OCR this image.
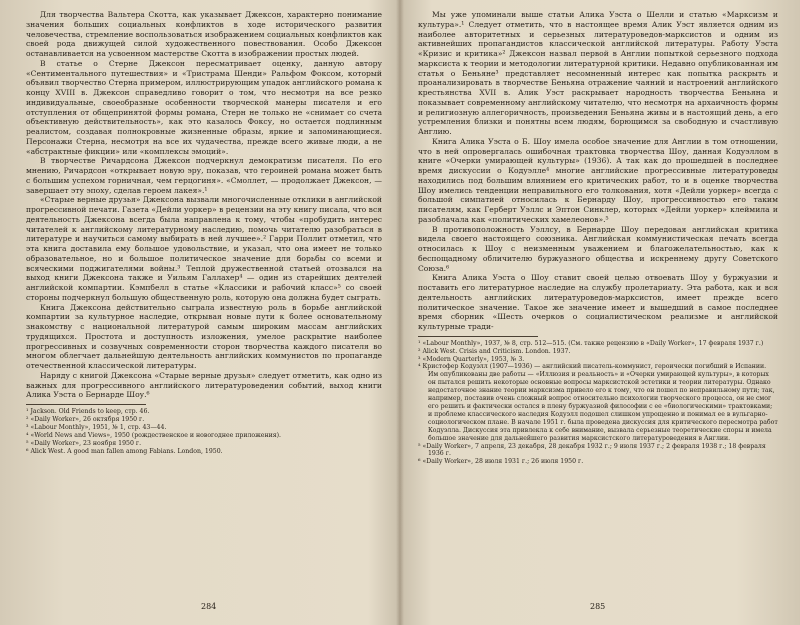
Для творчества Вальтера Скотта, как указывает Джексон, характерно понимание значения больших социальных конфликтов в ходе исторического развития человечества, стремление воспользоваться изображением социальных конфликтов как своей рода движущей силой художественного повествования. Особо Джексон останавливается на усвоенном мастерстве Скотта в изображении простых людей.

В статье о Стерне Джексон пересматривает оценку, данную автору «Сентиментального путешествия» и «Тристрама Шенди» Ральфом Фоксом, который объявил творчество Стерна примером, иллюстрирующим упадок английского романа к концу XVIII в. Джексон справедливо говорит о том, что несмотря на все резко индивидуальные, своеобразные особенности творческой манеры писателя и его отступления от общепринятой формы романа, Стерн не только не «снимает со счета объективную действительность», как это казалось Фоксу, но остается подлинным реалистом, создавая полнокровные жизненные образы, яркие и запоминающиеся. Персонажи Стерна, несмотря на все их чудачества, прежде всего живые люди, а не «абстрактные фикции» или «комплексы эмоций».

В творчестве Ричардсона Джексон подчеркнул демократизм писателя. По его мнению, Ричардсон «открывает новую эру, показав, что героиней романа может быть с большим успехом горничная, чем герцогиня». «Смоллет, — продолжает Джексон, — завершает эту эпоху, сделав героем лакея».¹

«Старые верные друзья» Джексона вызвали многочисленные отклики в английской прогрессивной печати. Газета «Дейли уоркер» в рецензии на эту книгу писала, что вся деятельность Джексона всегда была направлена к тому, чтобы «пробудить интерес читателей к английскому литературному наследию, помочь читателю разобраться в литературе и научиться самому выбирать в ней лучшее».² Гарри Поллит отметил, что эта книга доставила ему большое удовольствие, и указал, что она имеет не только образовательное, но и большое политическое значение для борьбы со всеми и всяческими поджигателями войны.³ Теплой дружественной статьей отозвался на выход книги Джексона также и Уильям Галлахер⁴ — один из старейших деятелей английской компартии. Кэмпбелл в статье «Классики и рабочий класс»⁵ со своей стороны подчеркнул большую общественную роль, которую она должна будет сыграть.

Книга Джексона действительно сыграла известную роль в борьбе английской компартии за культурное наследие, открывая новые пути к более основательному знакомству с национальной литературой самым широким массам английских трудящихся. Простота и доступность изложения, умелое раскрытие наиболее прогрессивных и созвучных современности сторон творчества каждого писателя во многом облегчает дальнейшую деятельность английских коммунистов по пропаганде отечественной классической литературы.

Наряду с книгой Джексона «Старые верные друзья» следует отметить, как одно из важных для прогрессивного английского литературоведения событий, выход книги Алика Уэста о Бернарде Шоу.⁶

¹ Jackson. Old Friends to keep, стр. 46.

² «Daily Worker», 26 октября 1950 г.

³ «Labour Monthly», 1951, № 1, стр. 43—44.

⁴ «World News and Views», 1950 (рождественское и новогоднее приложения).

⁵ «Daily Worker», 23 ноября 1950 г.

⁶ Alick West. A good man fallen among Fabians. London, 1950.

284

Мы уже упоминали выше статьи Алика Уэста о Шелли и статью «Марксизм и культура».¹ Следует отметить, что в настоящее время Алик Уэст является одним из наиболее авторитетных и серьезных литературоведов-марксистов и одним из активнейших пропагандистов классической английской литературы. Работу Уэста «Кризис и критика»² Джексон назвал первой в Англии попыткой серьезного подхода марксиста к теории и методологии литературной критики. Недавно опубликованная им статья о Беньяне³ представляет несомненный интерес как попытка раскрыть и проанализировать в творчестве Беньяна отражение чаяний и настроений английского крестьянства XVII в. Алик Уэст раскрывает народность творчества Беньяна и показывает современному английскому читателю, что несмотря на архаичность формы и религиозную аллегоричность, произведения Беньяна живы и в настоящий день, а его устремления близки и понятны всем людям, борющимся за свободную и счастливую Англию.

Книга Алика Уэста о Б. Шоу имела особое значение для Англии в том отношении, что в ней опровергалась ошибочная трактовка творчества Шоу, данная Кодуэллом в книге «Очерки умирающей культуры» (1936). А так как до прошедшей в последнее время дискуссии о Кодуэлле⁴ многие английские прогрессивные литературоведы находились под большим влиянием его критических работ, то и в оценке творчества Шоу имелись тенденции неправильного его толкования, хотя «Дейли уоркер» всегда с большой симпатией относилась к Бернарду Шоу, прогрессивностью его таким писателям, как Герберт Уэллс и Эптон Синклер, которых «Дейли уоркер» клеймила и разоблачала как «политических хамелеонов».⁵

В противоположность Уэллсу, в Бернарде Шоу передовая английская критика видела своего настоящего союзника. Английская коммунистическая печать всегда относилась к Шоу с неизменным уважением и благожелательностью, как к беспощадному обличителю буржуазного общества и искреннему другу Советского Союза.⁶

Книга Алика Уэста о Шоу ставит своей целью отвоевать Шоу у буржуазии и поставить его литературное наследие на службу пролетариату. Эта работа, как и вся деятельность английских литературоведов-марксистов, имеет прежде всего политическое значение. Такое же значение имеет и вышедший в самое последнее время сборник «Шесть очерков о социалистическом реализме и английской культурные тради-

¹ «Labour Monthly», 1937, № 8, стр. 512—515. (См. также рецензию в «Daily Worker», 17 февраля 1937 г.)

² Alick West. Crisis and Criticism. London. 1937.

³ «Modern Quarterly», 1953, № 3.

⁴ Кристофер Кодуэлл (1907—1936) — английский писатель-коммунист, героически погибший в Испании. Им опубликованы две работы — «Иллюзия и реальность» и «Очерки умирающей культуры», в которых он пытался решить некоторые основные вопросы марксистской эстетики и теории литературы. Однако недостаточное знание теории марксизма привело его к тому, что он пошел по неправильному пути; так, например, поставив очень сложный вопрос относительно психологии творческого процесса, он не смог его решить и фактически остался в плену буржуазной философии с ее «биологическими» трактовками; и проблеме классического наследия Кодуэлл подошел слишком упрощенно и понимал ее в вульгарно-социологическом плане. В начале 1951 г. была проведена дискуссия для критического пересмотра работ Кодуэлла. Дискуссия эта привлекла к себе внимание, вызвала серьезные теоретические споры и имела большое значение для дальнейшего развития марксистского литературоведения в Англии.

⁵ «Daily Worker», 7 апреля, 23 декабря, 28 декабря 1932 г.; 9 июля 1937 г.; 2 февраля 1938 г.; 18 февраля 1936 г.

⁶ «Daily Worker», 28 июля 1931 г.; 26 июля 1950 г.

285
